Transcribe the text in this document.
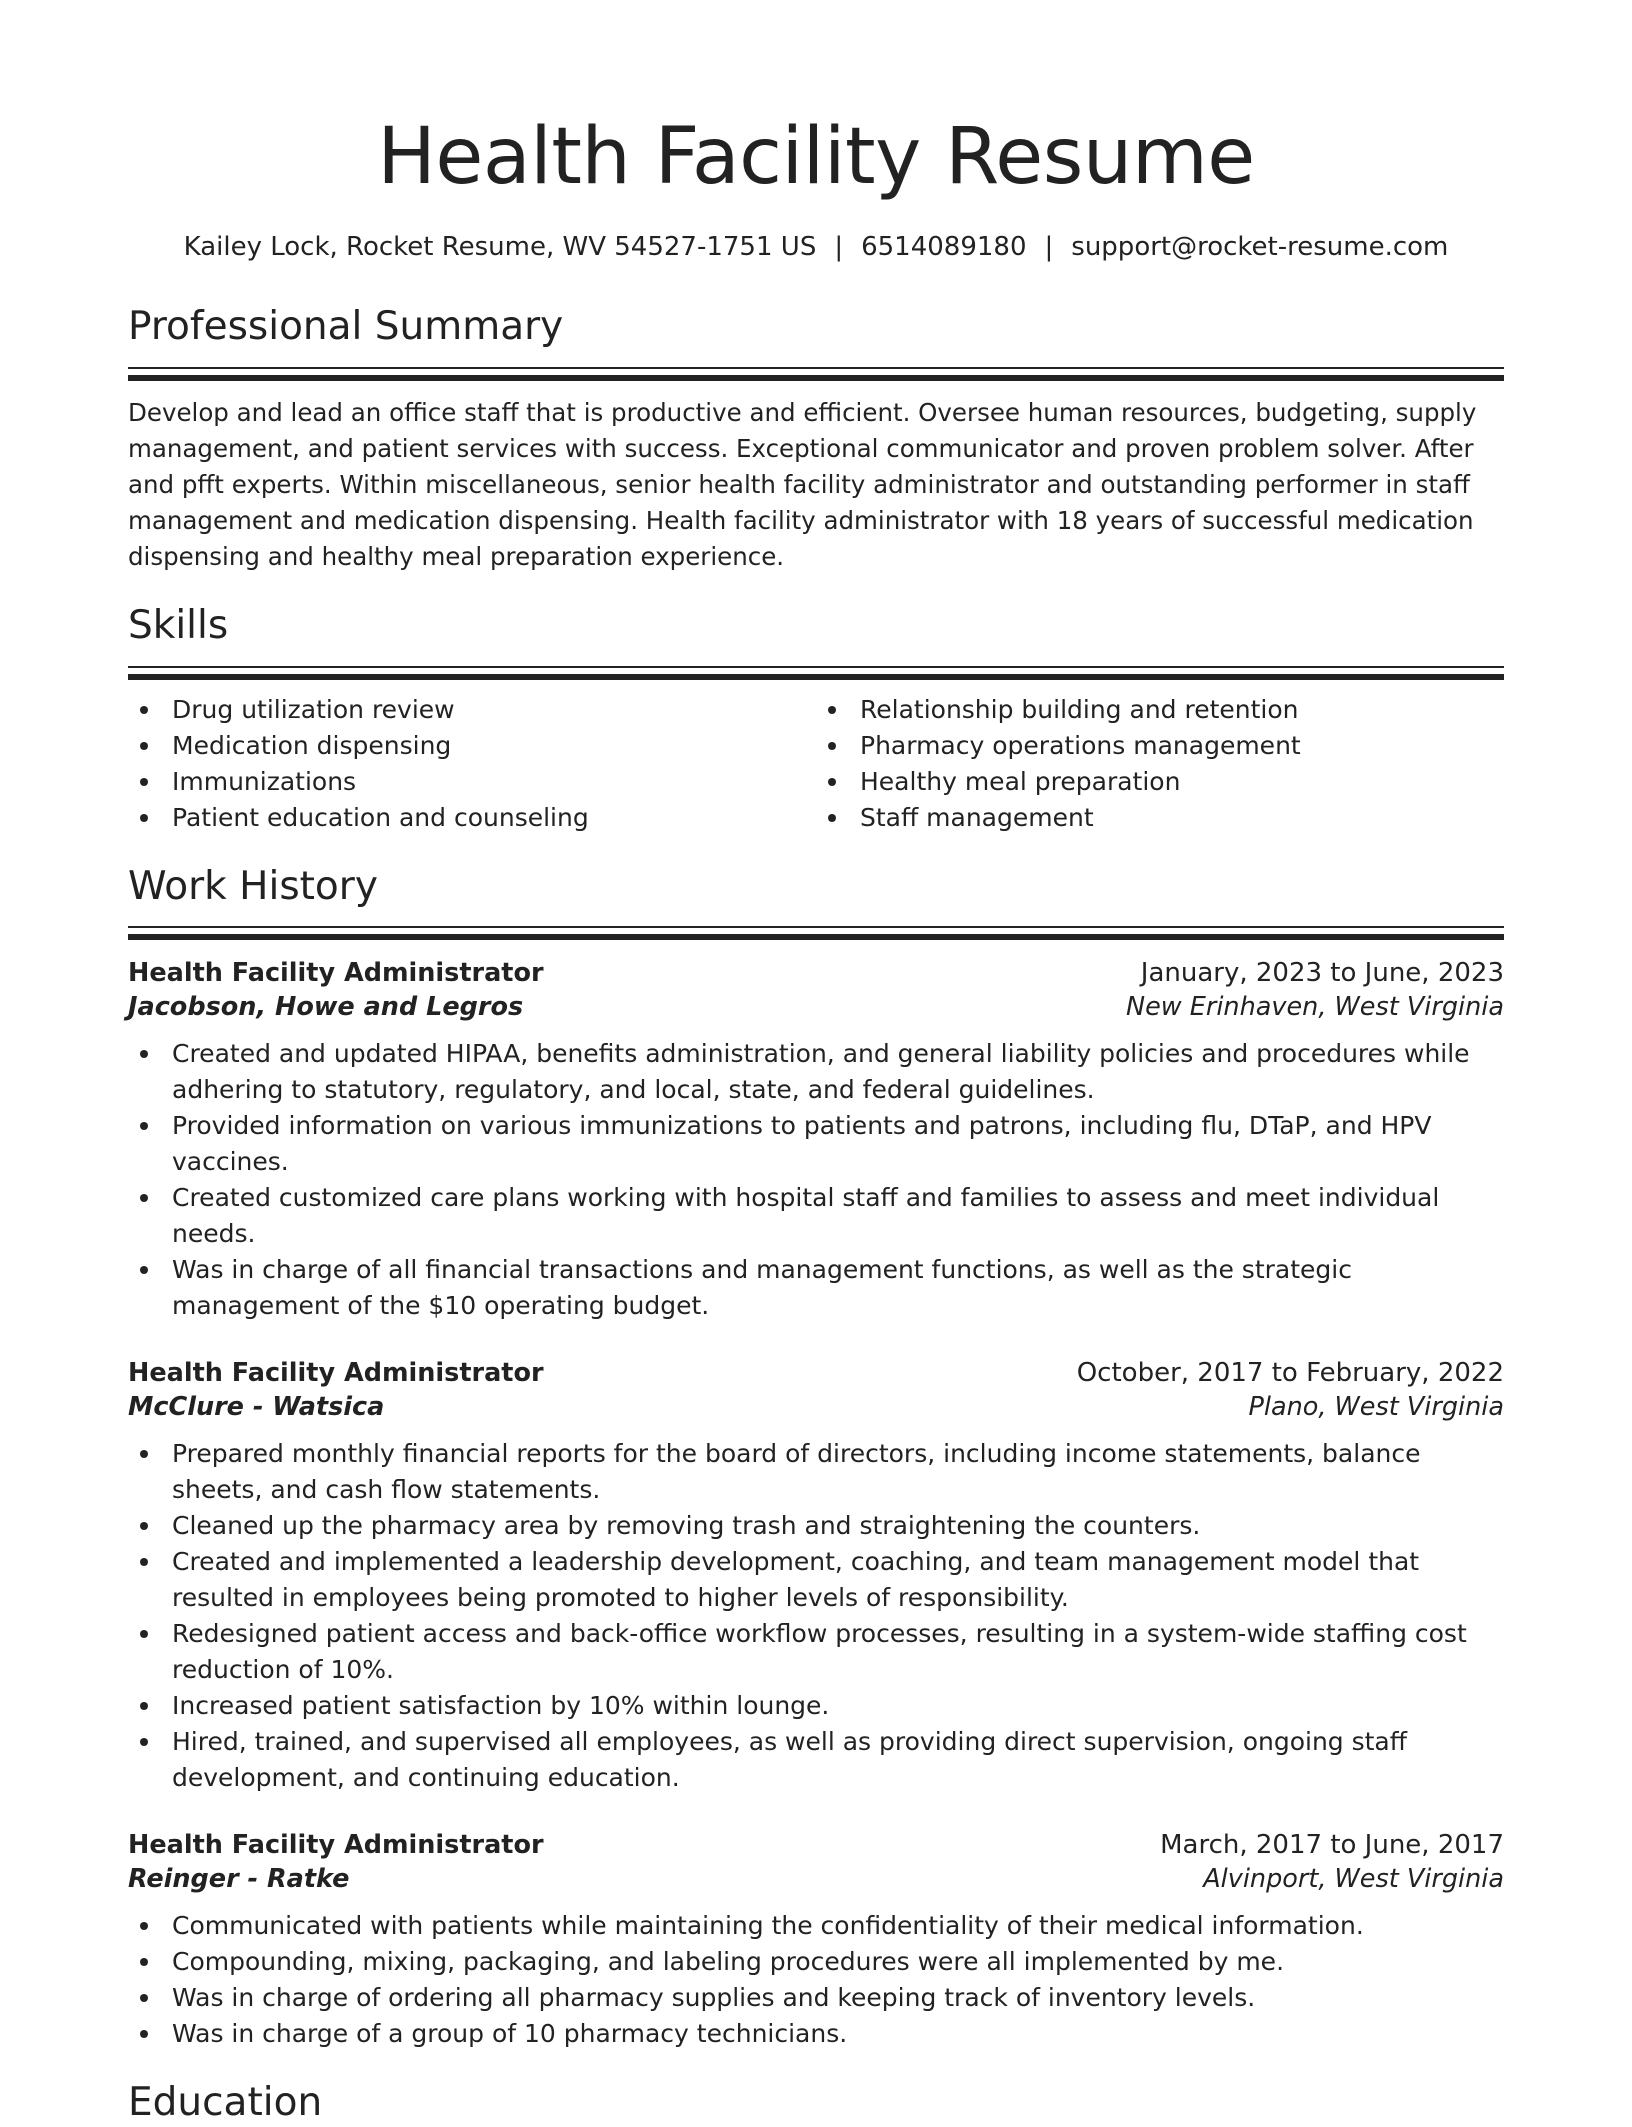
Health Facility Resume
Kailey Lock, Rocket Resume, WV 54527-1751 US | 6514089180 | support@rocket-resume.com
Professional Summary
Develop and lead an office staff that is productive and efficient. Oversee human resources, budgeting, supply management, and patient services with success. Exceptional communicator and proven problem solver. After and pfft experts. Within miscellaneous, senior health facility administrator and outstanding performer in staff management and medication dispensing. Health facility administrator with 18 years of successful medication dispensing and healthy meal preparation experience.
Skills
Drug utilization review
Medication dispensing
Immunizations
Patient education and counseling
Relationship building and retention
Pharmacy operations management
Healthy meal preparation
Staff management
Work History
Health Facility Administrator	January, 2023 to June, 2023
Jacobson, Howe and Legros	New Erinhaven, West Virginia
Created and updated HIPAA, benefits administration, and general liability policies and procedures while adhering to statutory, regulatory, and local, state, and federal guidelines.
Provided information on various immunizations to patients and patrons, including flu, DTaP, and HPV vaccines.
Created customized care plans working with hospital staff and families to assess and meet individual needs.
Was in charge of all financial transactions and management functions, as well as the strategic management of the $10 operating budget.
Health Facility Administrator	October, 2017 to February, 2022
McClure - Watsica	Plano, West Virginia
Prepared monthly financial reports for the board of directors, including income statements, balance sheets, and cash flow statements.
Cleaned up the pharmacy area by removing trash and straightening the counters.
Created and implemented a leadership development, coaching, and team management model that resulted in employees being promoted to higher levels of responsibility.
Redesigned patient access and back-office workflow processes, resulting in a system-wide staffing cost reduction of 10%.
Increased patient satisfaction by 10% within lounge.
Hired, trained, and supervised all employees, as well as providing direct supervision, ongoing staff development, and continuing education.
Health Facility Administrator	March, 2017 to June, 2017
Reinger - Ratke	Alvinport, West Virginia
Communicated with patients while maintaining the confidentiality of their medical information.
Compounding, mixing, packaging, and labeling procedures were all implemented by me.
Was in charge of ordering all pharmacy supplies and keeping track of inventory levels.
Was in charge of a group of 10 pharmacy technicians.
Education
